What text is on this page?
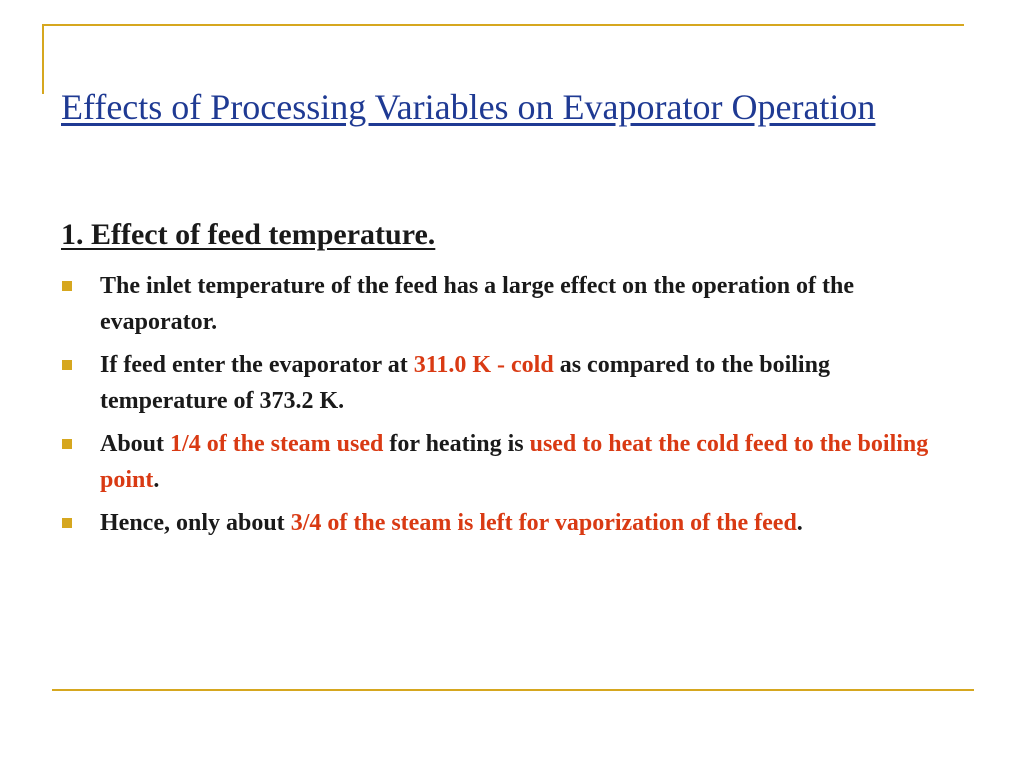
Effects of Processing Variables on Evaporator Operation
1. Effect of feed temperature.
The inlet temperature of the feed has a large effect on the operation of the evaporator.
If feed enter the evaporator at 311.0 K - cold as compared to the boiling temperature of 373.2 K.
About 1/4 of the steam used for heating is used to heat the cold feed to the boiling point.
Hence, only about 3/4 of the steam is left for vaporization of the feed.
